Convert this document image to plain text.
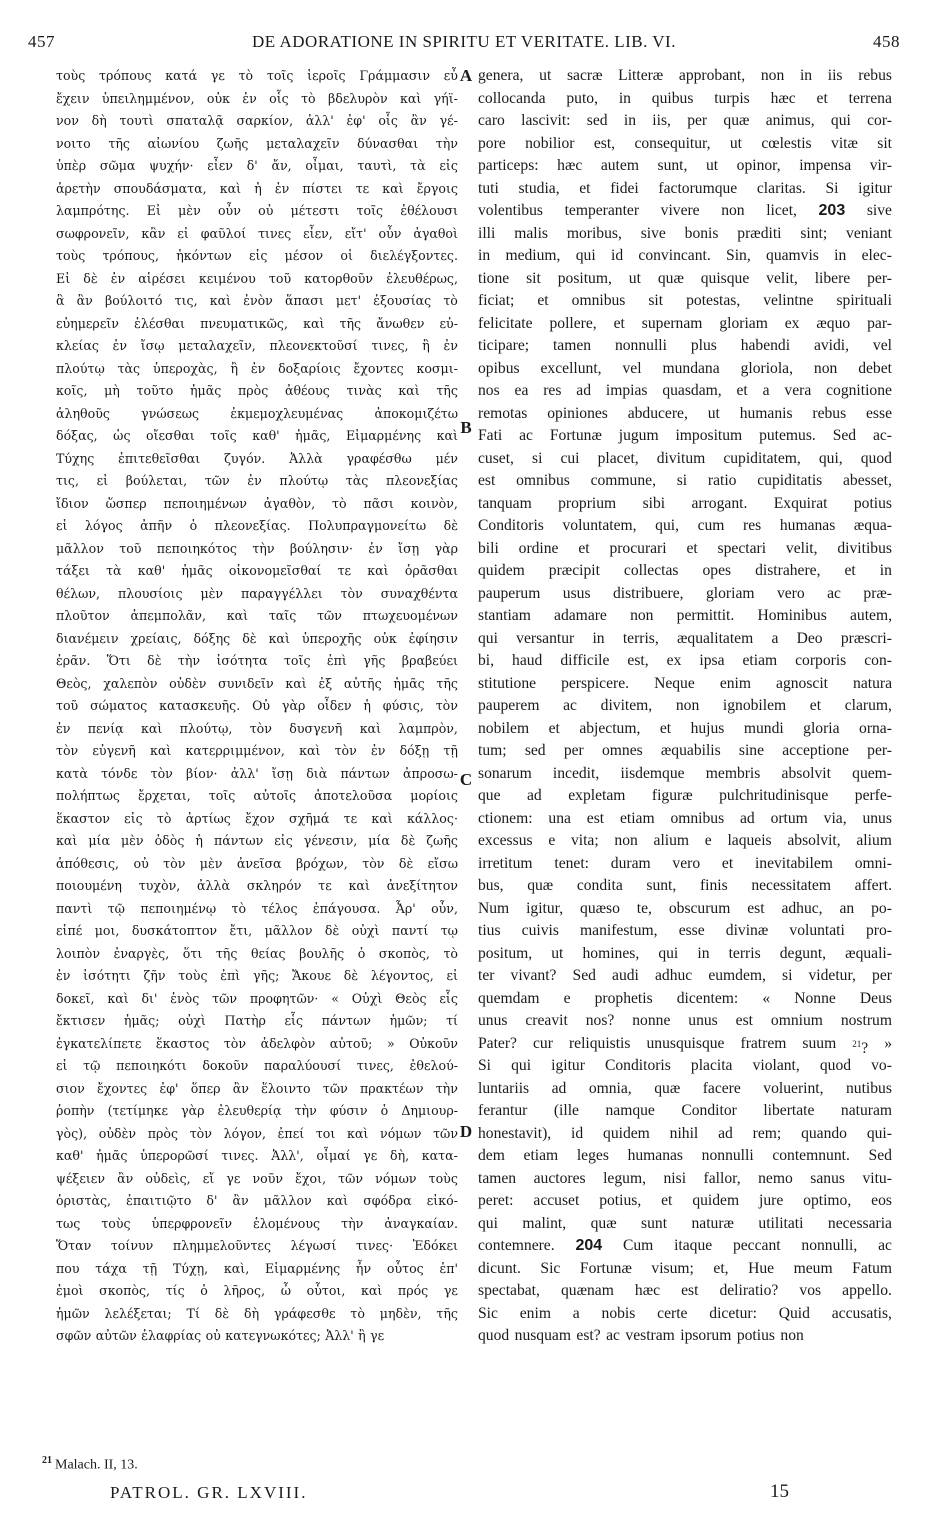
457	DE ADORATIONE IN SPIRITU ET VERITATE. LIB. VI.	458
τοὺς τρόπους κατά γε τὸ τοῖς ἱεροῖς Γράμμασιν εὖ
ἔχειν ὑπειλημμένον, οὐκ ἐν οἷς τὸ βδελυρὸν καὶ γήϊ-
νον δὴ τουτὶ σπαταλᾷ σαρκίον, ἀλλ' ἐφ' οἷς ἂν γέ-
νοιτο τῆς αἰωνίου ζωῆς μεταλαχεῖν δύνασθαι τὴν
ὑπὲρ σῶμα ψυχήν· εἶεν δ' ἄν, οἶμαι, ταυτὶ, τὰ εἰς
ἀρετὴν σπουδάσματα, καὶ ἡ ἐν πίστει τε καὶ ἔργοις
λαμπρότης. Εἰ μὲν οὖν οὐ μέτεστι τοῖς ἐθέλουσι
σωφρονεῖν, κἂν εἰ φαῦλοί τινες εἶεν, εἴτ' οὖν ἀγαθοὶ
τοὺς τρόπους, ἡκόντων εἰς μέσον οἱ διελέγξοντες.
Εἰ δὲ ἐν αἱρέσει κειμένου τοῦ κατορθοῦν ἐλευθέρως,
ἃ ἂν βούλοιτό τις, καὶ ἐνὸν ἅπασι μετ' ἐξουσίας τὸ
εὐημερεῖν ἑλέσθαι πνευματικῶς, καὶ τῆς ἄνωθεν εὐ-
κλείας ἐν ἴσῳ μεταλαχεῖν, πλεονεκτοῦσί τινες, ἢ ἐν
πλούτῳ τὰς ὑπεροχὰς, ἢ ἐν δοξαρίοις ἔχοντες κοσμι-
κοῖς, μὴ τοῦτο ἡμᾶς πρὸς ἀθέους τινὰς καὶ τῆς
ἀληθοῦς γνώσεως ἐκμεμοχλευμένας ἀποκομιζέτω
δόξας, ὡς οἴεσθαι τοῖς καθ' ἡμᾶς, Εἱμαρμένης καὶ
Τύχης ἐπιτεθεῖσθαι ζυγόν. Ἀλλὰ γραφέσθω μέν
τις, εἰ βούλεται, τῶν ἐν πλούτῳ τὰς πλεονεξίας
ἴδιον ὥσπερ πεποιημένων ἀγαθὸν, τὸ πᾶσι κοινὸν,
εἰ λόγος ἀπῆν ὁ πλεονεξίας. Πολυπραγμονείτω δὲ
μᾶλλον τοῦ πεποιηκότος τὴν βούλησιν· ἐν ἴσῃ γὰρ
τάξει τὰ καθ' ἡμᾶς οἰκονομεῖσθαί τε καὶ ὁρᾶσθαι
θέλων, πλουσίοις μὲν παραγγέλλει τὸν συναχθέντα
πλοῦτον ἀπεμπολᾶν, καὶ ταῖς τῶν πτωχευομένων
διανέμειν χρείαις, δόξης δὲ καὶ ὑπεροχῆς οὐκ ἐφίησιν
ἐρᾶν. Ὅτι δὲ τὴν ἰσότητα τοῖς ἐπὶ γῆς βραβεύει
Θεὸς, χαλεπὸν οὐδὲν συνιδεῖν καὶ ἐξ αὐτῆς ἡμᾶς τῆς
τοῦ σώματος κατασκευῆς. Οὐ γὰρ οἶδεν ἡ φύσις, τὸν
ἐν πενίᾳ καὶ πλούτῳ, τὸν δυσγενῆ καὶ λαμπρὸν,
τὸν εὐγενῆ καὶ κατερριμμένον, καὶ τὸν ἐν δόξῃ τῇ
κατὰ τόνδε τὸν βίον· ἀλλ' ἴσῃ διὰ πάντων ἀπροσω-
πολήπτως ἔρχεται, τοῖς αὐτοῖς ἀποτελοῦσα μορίοις
ἕκαστον εἰς τὸ ἀρτίως ἔχον σχῆμά τε καὶ κάλλος·
καὶ μία μὲν ὁδὸς ἡ πάντων εἰς γένεσιν, μία δὲ ζωῆς
ἀπόθεσις, οὐ τὸν μὲν ἀνεῖσα βρόχων, τὸν δὲ εἴσω
ποιουμένη τυχὸν, ἀλλὰ σκληρόν τε καὶ ἀνεξίτητον
παντὶ τῷ πεποιημένῳ τὸ τέλος ἐπάγουσα. Ἆρ' οὖν,
εἰπέ μοι, δυσκάτοπτον ἔτι, μᾶλλον δὲ οὐχὶ παντί τῳ
λοιπὸν ἐναργὲς, ὅτι τῆς θείας βουλῆς ὁ σκοπὸς, τὸ
ἐν ἰσότητι ζῆν τοὺς ἐπὶ γῆς; Ἄκουε δὲ λέγοντος, εἰ
δοκεῖ, καὶ δι' ἑνὸς τῶν προφητῶν· « Οὐχὶ Θεὸς εἷς
ἔκτισεν ἡμᾶς; οὐχὶ Πατὴρ εἷς πάντων ἡμῶν; τί
ἐγκατελίπετε ἕκαστος τὸν ἀδελφὸν αὐτοῦ; » Οὐκοῦν
εἰ τῷ πεποιηκότι δοκοῦν παραλύουσί τινες, ἐθελού-
σιον ἔχοντες ἐφ' ὅπερ ἂν ἕλοιντο τῶν πρακτέων τὴν
ῥοπὴν (τετίμηκε γὰρ ἐλευθερίᾳ τὴν φύσιν ὁ Δημιουρ-
γὸς), οὐδὲν πρὸς τὸν λόγον, ἐπεί τοι καὶ νόμων τῶν
καθ' ἡμᾶς ὑπερορῶσί τινες. Ἀλλ', οἶμαί γε δὴ, κατα-
ψέξειεν ἂν οὐδεὶς, εἴ γε νοῦν ἔχοι, τῶν νόμων τοὺς
ὁριστὰς, ἐπαιτιῷτο δ' ἂν μᾶλλον καὶ σφόδρα εἰκό-
τως τοὺς ὑπερφρονεῖν ἑλομένους τὴν ἀναγκαίαν.
Ὅταν τοίνυν πλημμελοῦντες λέγωσί τινες· Ἐδόκει
που τάχα τῇ Τύχῃ, καὶ, Εἱμαρμένης ἦν οὗτος ἐπ'
ἐμοὶ σκοπὸς, τίς ὁ λῆρος, ὦ οὗτοι, καὶ πρός γε
ἡμῶν λελέξεται; Τί δὲ δὴ γράφεσθε τὸ μηδὲν, τῆς
σφῶν αὐτῶν ἐλαφρίας οὐ κατεγνωκότες; Ἀλλ' ἢ γε
genera, ut sacræ Litteræ approbant, non in iis rebus
collocanda puto, in quibus turpis hæc et terrena
caro lascivit: sed in iis, per quæ animus, qui cor-
pore nobilior est, consequitur, ut cœlestis vitæ sit
particeps: hæc autem sunt, ut opinor, impensa vir-
tuti studia, et fidei factorumque claritas. Si igitur
volentibus temperanter vivere non licet, 203 sive
illi malis moribus, sive bonis præditi sint; veniant
in medium, qui id convincant. Sin, quamvis in elec-
tione sit positum, ut quæ quisque velit, libere per-
ficiat; et omnibus sit potestas, velintne spirituali
felicitate pollere, et supernam gloriam ex æquo par-
ticipare; tamen nonnulli plus habendi avidi, vel
opibus excellunt, vel mundana gloriola, non debet
nos ea res ad impias quasdam, et a vera cognitione
remotas opiniones abducere, ut humanis rebus esse
Fati ac Fortunæ jugum impositum putemus. Sed ac-
cuset, si cui placet, divitum cupiditatem, qui, quod
est omnibus commune, si ratio cupiditatis abesset,
tanquam proprium sibi arrogant. Exquirat potius
Conditoris voluntatem, qui, cum res humanas æqua-
bili ordine et procurari et spectari velit, divitibus
quidem præcipit collectas opes distrahere, et in
pauperum usus distribuere, gloriam vero ac præ-
stantiam adamare non permittit. Hominibus autem,
qui versantur in terris, æqualitatem a Deo præscri-
bi, haud difficile est, ex ipsa etiam corporis con-
stitutione perspicere. Neque enim agnoscit natura
pauperem ac divitem, non ignobilem et clarum,
nobilem et abjectum, et hujus mundi gloria orna-
tum; sed per omnes æquabilis sine acceptione per-
sonarum incedit, iisdemque membris absolvit quem-
que ad expletam figuræ pulchritudinisque perfe-
ctionem: una est etiam omnibus ad ortum via, unus
excessus e vita; non alium e laqueis absolvit, alium
irretitum tenet: duram vero et inevitabilem omni-
bus, quæ condita sunt, finis necessitatem affert.
Num igitur, quæso te, obscurum est adhuc, an po-
tius cuivis manifestum, esse divinæ voluntati pro-
positum, ut homines, qui in terris degunt, æquali-
ter vivant? Sed audi adhuc eumdem, si videtur, per
quemdam e prophetis dicentem: « Nonne Deus
unus creavit nos? nonne unus est omnium nostrum
Pater? cur reliquistis unusquisque fratrem suum $^{21}$? »
Si qui igitur Conditoris placita violant, quod vo-
luntariis ad omnia, quæ facere voluerint, nutibus
ferantur (ille namque Conditor libertate naturam
honestavit), id quidem nihil ad rem; quando qui-
dem etiam leges humanas nonnulli contemnunt. Sed
tamen auctores legum, nisi fallor, nemo sanus vitu-
peret: accuset potius, et quidem jure optimo, eos
qui malint, quæ sunt naturæ utilitati necessaria
contemnere. 204 Cum itaque peccant nonnulli, ac
dicunt. Sic Fortunæ visum; et, Hue meum Fatum
spectabat, quænam hæc est deliratio? vos appello.
Sic enim a nobis certe dicetur: Quid accusatis,
quod nusquam est? ac vestram ipsorum potius non
A
B
C
D
$^{21}$ Malach. II, 13.
PATROL. GR. LXVIII.	15
